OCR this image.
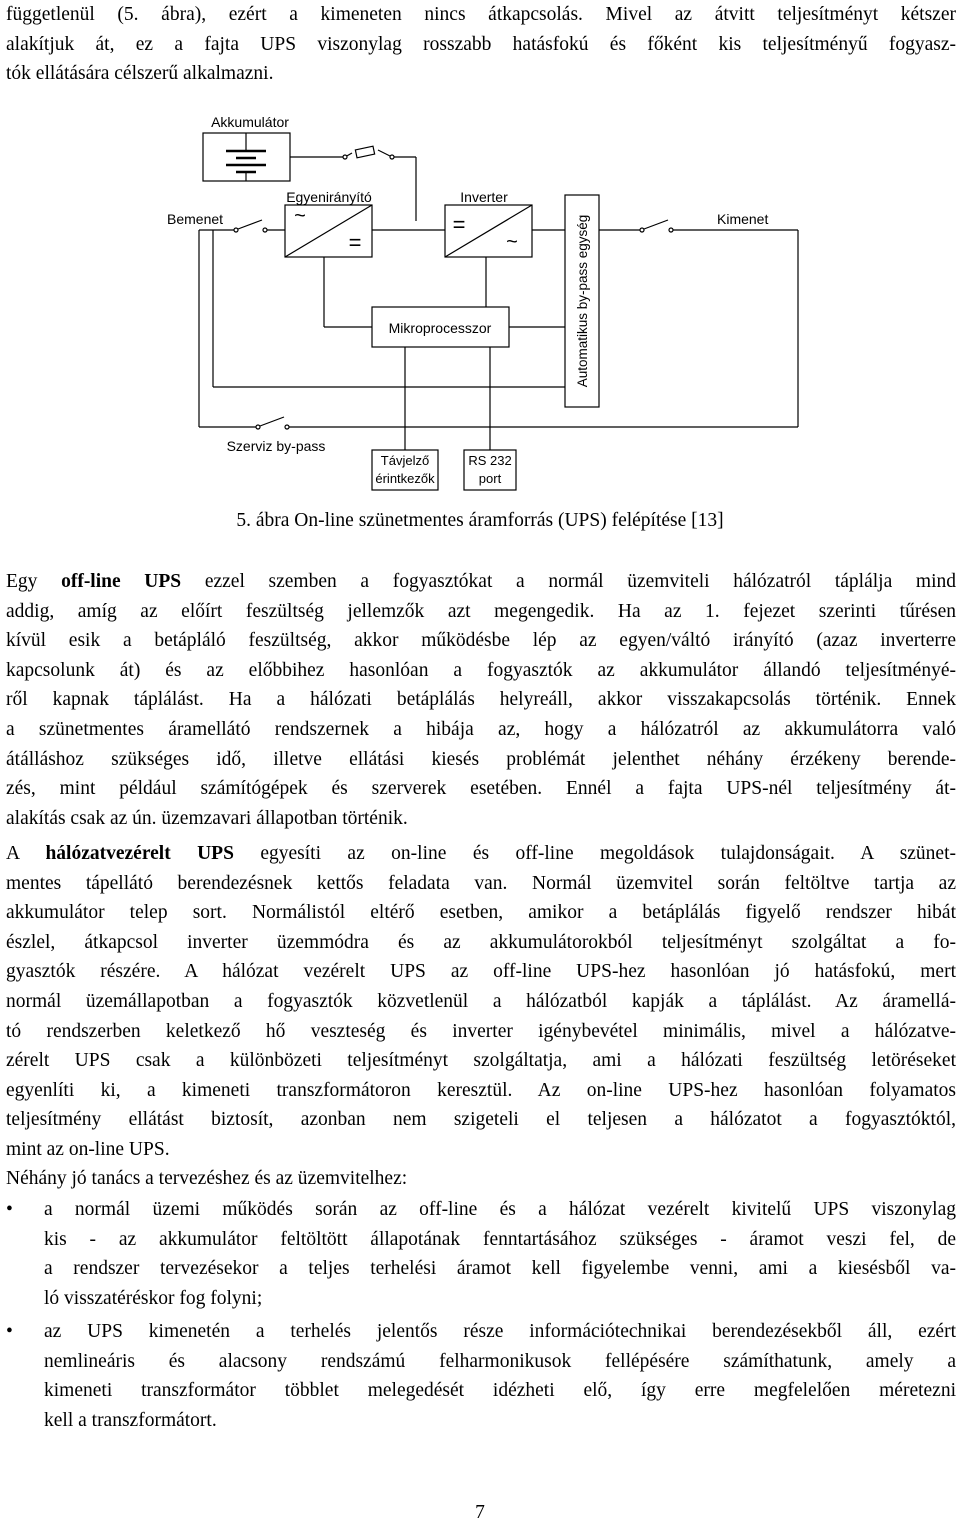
függetlenül (5. ábra), ezért a kimeneten nincs átkapcsolás. Mivel az átvitt teljesítményt kétszer
alakítjuk át, ez a fajta UPS viszonylag rosszabb hatásfokú és főként kis teljesítményű fogyasz-
tók ellátására célszerű alkalmazni.
Akkumulátor
Bemenet
Egyenirányító	Inverter
Kimenet
Mikroprocesszor
Szerviz by-pass
Távjelző
érintkezők
RS 232
port
Automatikus by-pass egység
~
=
=
~
5. ábra On-line szünetmentes áramforrás (UPS) felépítése [13]
Egy off-line UPS ezzel szemben a fogyasztókat a normál üzemviteli hálózatról táplálja mind
addig, amíg az előírt feszültség jellemzők azt megengedik. Ha az 1. fejezet szerinti tűrésen
kívül esik a betápláló feszültség, akkor működésbe lép az egyen/váltó irányító (azaz inverterre
kapcsolunk át) és az előbbihez hasonlóan a fogyasztók az akkumulátor állandó teljesítményé-
ről kapnak táplálást. Ha a hálózati betáplálás helyreáll, akkor visszakapcsolás történik. Ennek
a szünetmentes áramellátó rendszernek a hibája az, hogy a hálózatról az akkumulátorra való
átálláshoz szükséges idő, illetve ellátási kiesés problémát jelenthet néhány érzékeny berende-
zés, mint például számítógépek és szerverek esetében. Ennél a fajta UPS-nél teljesítmény át-
alakítás csak az ún. üzemzavari állapotban történik.
A hálózatvezérelt UPS egyesíti az on-line és off-line megoldások tulajdonságait. A szünet-
mentes tápellátó berendezésnek kettős feladata van. Normál üzemvitel során feltöltve tartja az
akkumulátor telep sort. Normálistól eltérő esetben, amikor a betáplálás figyelő rendszer hibát
észlel, átkapcsol inverter üzemmódra és az akkumulátorokból teljesítményt szolgáltat a fo-
gyasztók részére. A hálózat vezérelt UPS az off-line UPS-hez hasonlóan jó hatásfokú, mert
normál üzemállapotban a fogyasztók közvetlenül a hálózatból kapják a táplálást. Az áramellá-
tó rendszerben keletkező hő veszteség és inverter igénybevétel minimális, mivel a hálózatve-
zérelt UPS csak a különbözeti teljesítményt szolgáltatja, ami a hálózati feszültség letöréseket
egyenlíti ki, a kimeneti transzformátoron keresztül. Az on-line UPS-hez hasonlóan folyamatos
teljesítmény ellátást biztosít, azonban nem szigeteli el teljesen a hálózatot a fogyasztóktól,
mint az on-line UPS.
Néhány jó tanács a tervezéshez és az üzemvitelhez:
• a normál üzemi működés során az off-line és a hálózat vezérelt kivitelű UPS viszonylag
kis - az akkumulátor feltöltött állapotának fenntartásához szükséges - áramot veszi fel, de
a rendszer tervezésekor a teljes terhelési áramot kell figyelembe venni, ami a kiesésből va-
ló visszatéréskor fog folyni;
• az UPS kimenetén a terhelés jelentős része információtechnikai berendezésekből áll, ezért
nemlineáris és alacsony rendszámú felharmonikusok fellépésére számíthatunk, amely a
kimeneti transzformátor többlet melegedését idézheti elő, így erre megfelelően méretezni
kell a transzformátort.
7
